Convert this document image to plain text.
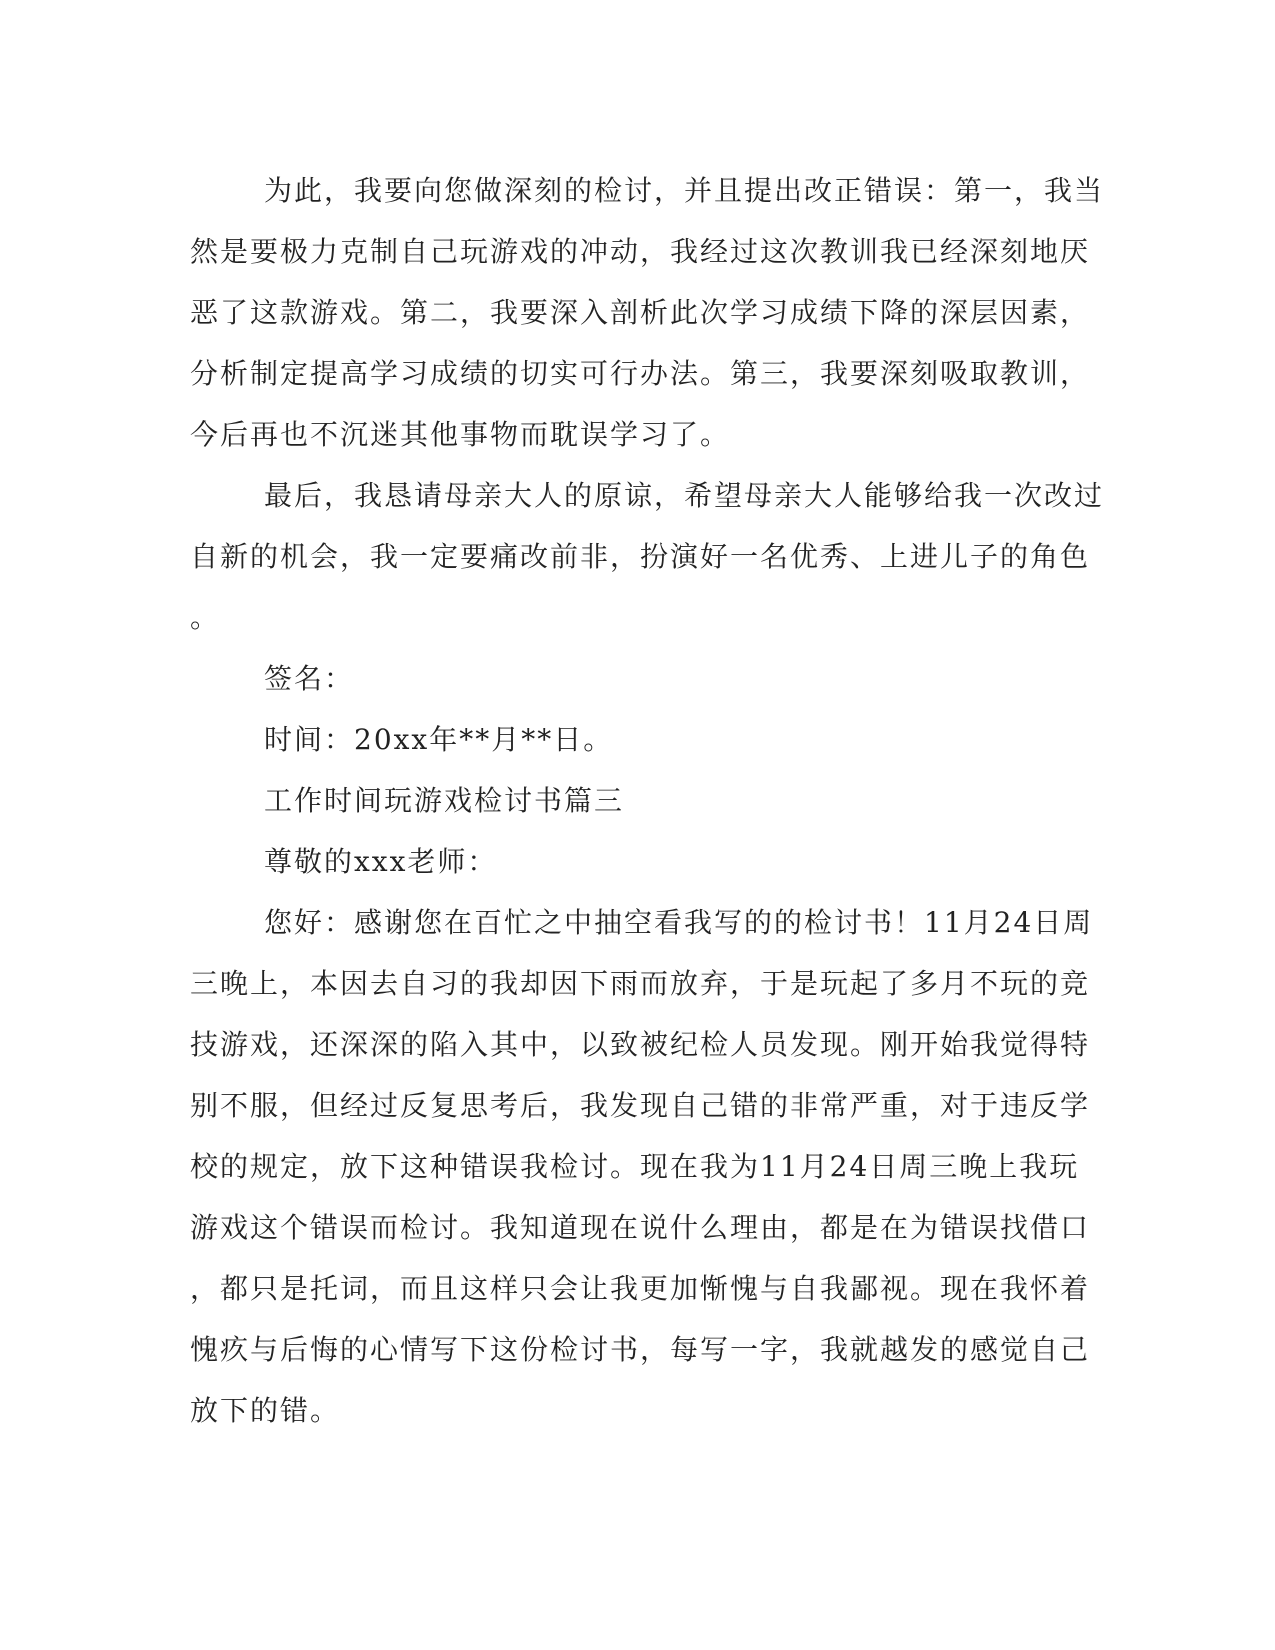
为此，我要向您做深刻的检讨，并且提出改正错误：第一，我当
然是要极力克制自己玩游戏的冲动，我经过这次教训我已经深刻地厌
恶了这款游戏。第二，我要深入剖析此次学习成绩下降的深层因素，
分析制定提高学习成绩的切实可行办法。第三，我要深刻吸取教训，
今后再也不沉迷其他事物而耽误学习了。
最后，我恳请母亲大人的原谅，希望母亲大人能够给我一次改过
自新的机会，我一定要痛改前非，扮演好一名优秀、上进儿子的角色
。
签名：
时间：20xx年**月**日。
工作时间玩游戏检讨书篇三
尊敬的xxx老师：
您好：感谢您在百忙之中抽空看我写的的检讨书！11月24日周
三晚上，本因去自习的我却因下雨而放弃，于是玩起了多月不玩的竞
技游戏，还深深的陷入其中，以致被纪检人员发现。刚开始我觉得特
别不服，但经过反复思考后，我发现自己错的非常严重，对于违反学
校的规定，放下这种错误我检讨。现在我为11月24日周三晚上我玩
游戏这个错误而检讨。我知道现在说什么理由，都是在为错误找借口
，都只是托词，而且这样只会让我更加惭愧与自我鄙视。现在我怀着
愧疚与后悔的心情写下这份检讨书，每写一字，我就越发的感觉自己
放下的错。
